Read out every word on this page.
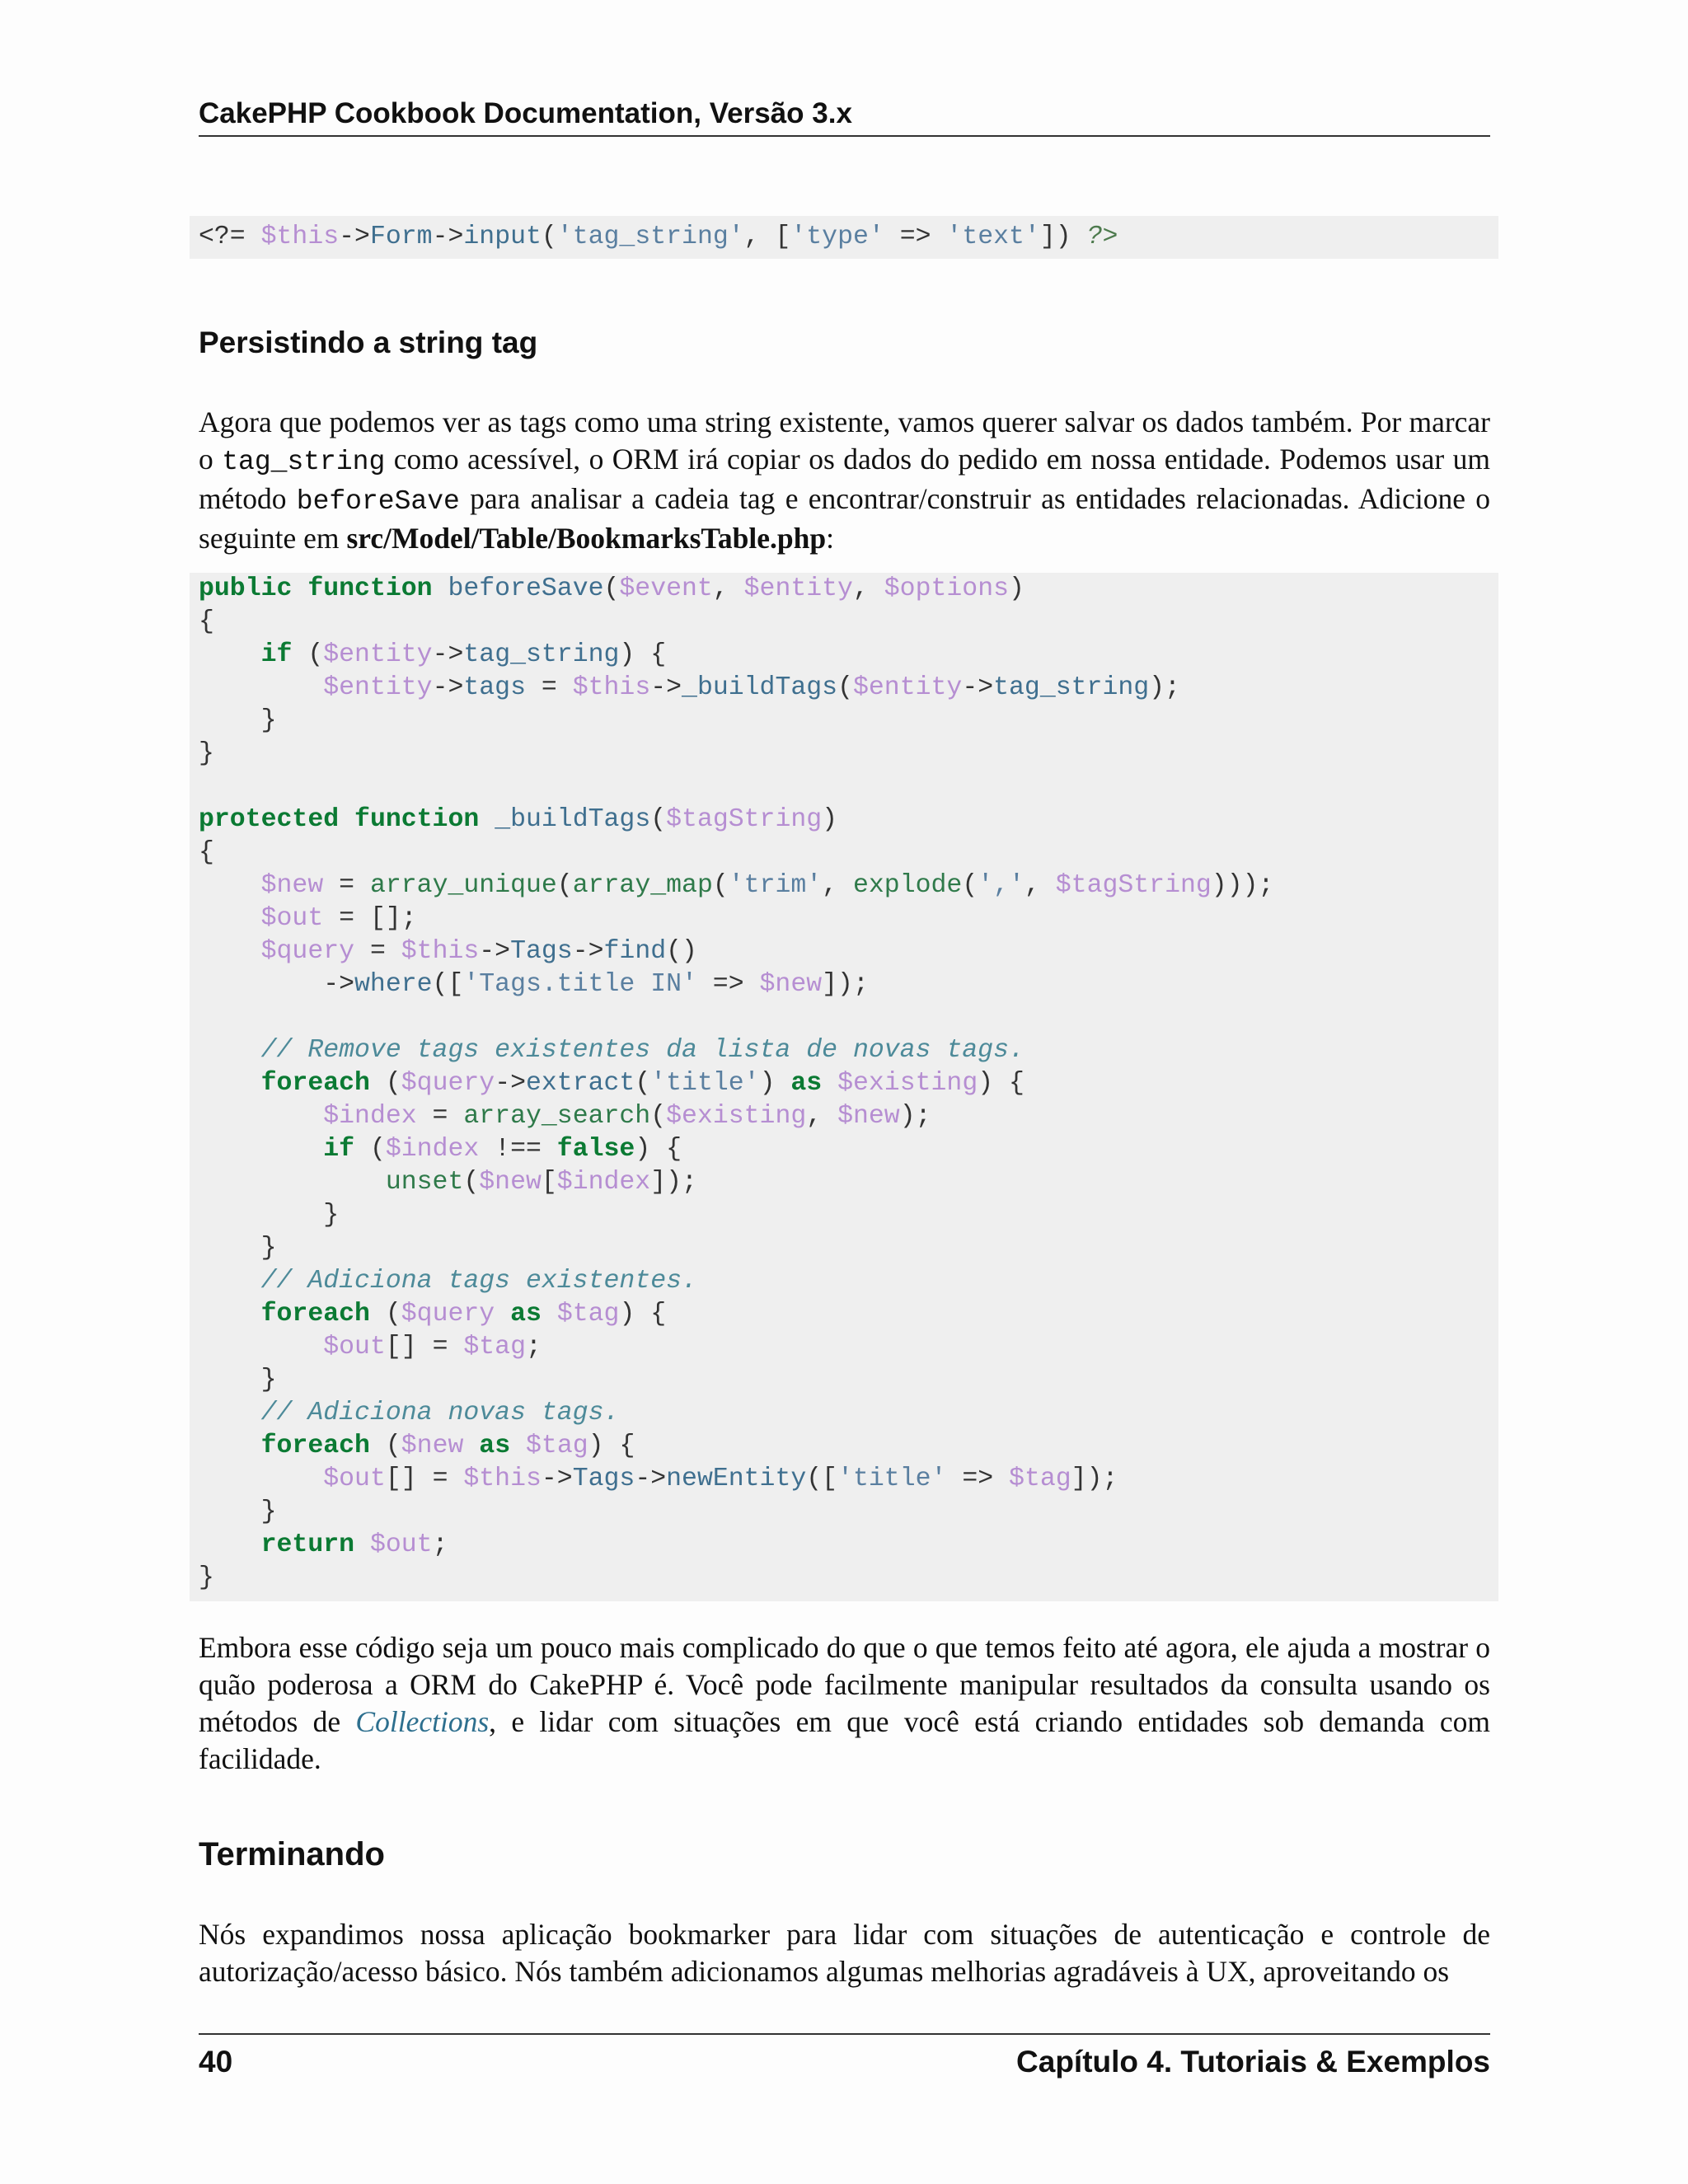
CakePHP Cookbook Documentation, Versão 3.x
<?= $this->Form->input('tag_string', ['type' => 'text']) ?>
Persistindo a string tag
Agora que podemos ver as tags como uma string existente, vamos querer salvar os dados também. Por marcar o tag_string como acessível, o ORM irá copiar os dados do pedido em nossa entidade. Podemos usar um método beforeSave para analisar a cadeia tag e encontrar/construir as entidades relacionadas. Adicione o seguinte em src/Model/Table/BookmarksTable.php:
public function beforeSave($event, $entity, $options)
{
if ($entity->tag_string) {
$entity->tags = $this->_buildTags($entity->tag_string);
}
}

protected function _buildTags($tagString)
{
$new = array_unique(array_map('trim', explode(',', $tagString)));
$out = [];
$query = $this->Tags->find()
->where(['Tags.title IN' => $new]);

// Remove tags existentes da lista de novas tags.
foreach ($query->extract('title') as $existing) {
$index = array_search($existing, $new);
if ($index !== false) {
unset($new[$index]);
}
}
// Adiciona tags existentes.
foreach ($query as $tag) {
$out[] = $tag;
}
// Adiciona novas tags.
foreach ($new as $tag) {
$out[] = $this->Tags->newEntity(['title' => $tag]);
}
return $out;
}
Embora esse código seja um pouco mais complicado do que o que temos feito até agora, ele ajuda a mostrar o quão poderosa a ORM do CakePHP é. Você pode facilmente manipular resultados da consulta usando os métodos de Collections, e lidar com situações em que você está criando entidades sob demanda com facilidade.
Terminando
Nós expandimos nossa aplicação bookmarker para lidar com situações de autenticação e controle de autorização/acesso básico. Nós também adicionamos algumas melhorias agradáveis à UX, aproveitando os
40	Capítulo 4. Tutoriais & Exemplos
